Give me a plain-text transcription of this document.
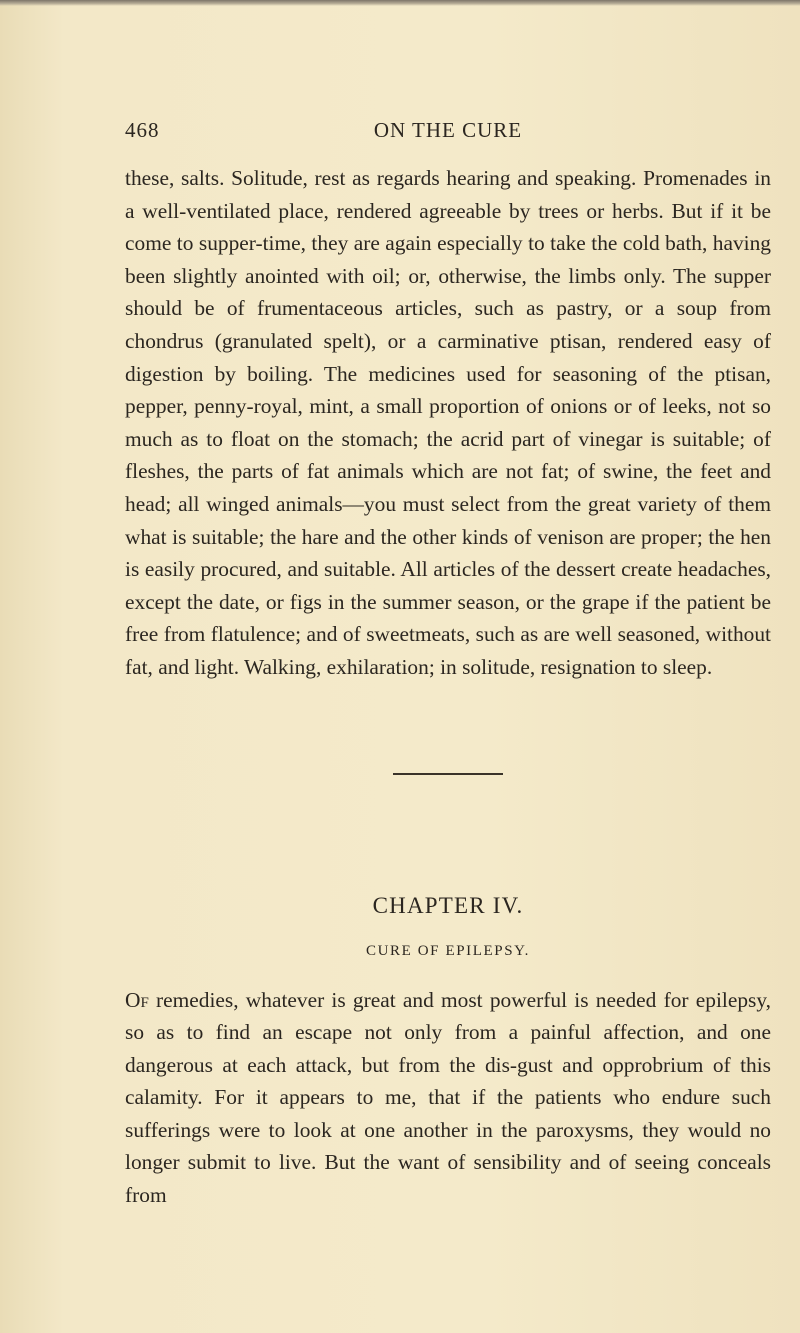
468	ON THE CURE

these, salts. Solitude, rest as regards hearing and speaking. Promenades in a well-ventilated place, rendered agreeable by trees or herbs. But if it be come to supper-time, they are again especially to take the cold bath, having been slightly anointed with oil; or, otherwise, the limbs only. The supper should be of frumentaceous articles, such as pastry, or a soup from chondrus (granulated spelt), or a carminative ptisan, rendered easy of digestion by boiling. The medicines used for seasoning of the ptisan, pepper, penny-royal, mint, a small proportion of onions or of leeks, not so much as to float on the stomach; the acrid part of vinegar is suitable; of fleshes, the parts of fat animals which are not fat; of swine, the feet and head; all winged animals—you must select from the great variety of them what is suitable; the hare and the other kinds of venison are proper; the hen is easily procured, and suitable. All articles of the dessert create headaches, except the date, or figs in the summer season, or the grape if the patient be free from flatulence; and of sweetmeats, such as are well seasoned, without fat, and light. Walking, exhilaration; in solitude, resignation to sleep.

CHAPTER IV.
CURE OF EPILEPSY.

Of remedies, whatever is great and most powerful is needed for epilepsy, so as to find an escape not only from a painful affection, and one dangerous at each attack, but from the dis-gust and opprobrium of this calamity. For it appears to me, that if the patients who endure such sufferings were to look at one another in the paroxysms, they would no longer submit to live. But the want of sensibility and of seeing conceals from
